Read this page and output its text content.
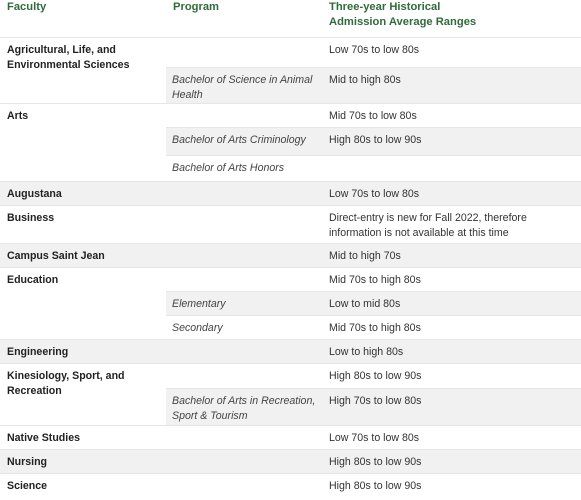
Faculty	Program	Three-year Historical
Admission Average Ranges

Agricultural, Life, and Environmental Sciences		Low 70s to low 80s
	Bachelor of Science in Animal Health	Mid to high 80s
Arts		Mid 70s to low 80s
	Bachelor of Arts Criminology	High 80s to low 90s
	Bachelor of Arts Honors	
Augustana		Low 70s to low 80s
Business		Direct-entry is new for Fall 2022, therefore information is not available at this time
Campus Saint Jean		Mid to high 70s
Education		Mid 70s to high 80s
	Elementary	Low to mid 80s
	Secondary	Mid 70s to high 80s
Engineering		Low to high 80s
Kinesiology, Sport, and Recreation		High 80s to low 90s
	Bachelor of Arts in Recreation, Sport & Tourism	High 70s to low 80s
Native Studies		Low 70s to low 80s
Nursing		High 80s to low 90s
Science		High 80s to low 90s
